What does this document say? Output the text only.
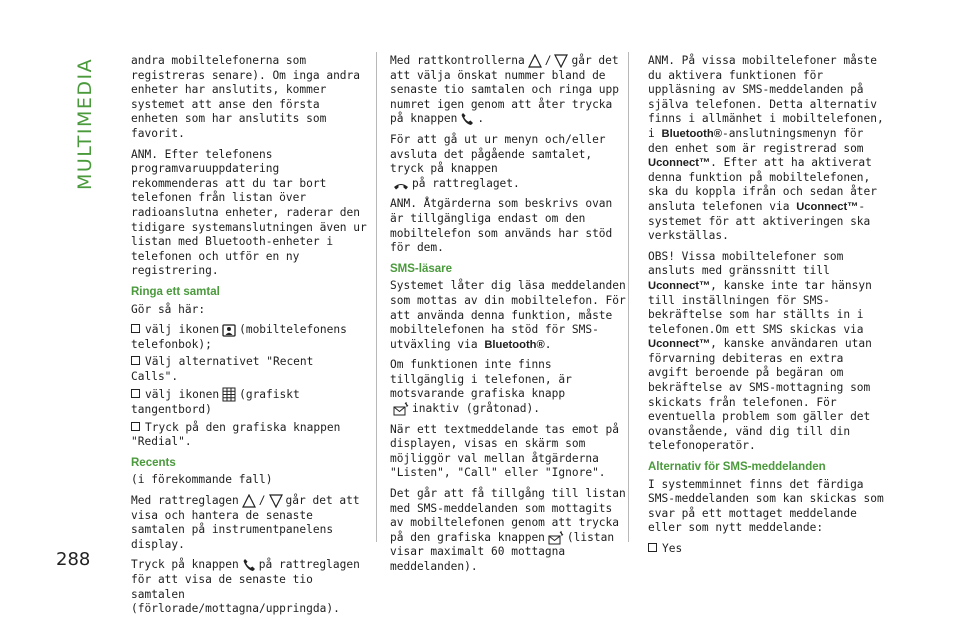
MULTIMEDIA
288

andra mobiltelefonerna som registreras senare). Om inga andra enheter har anslutits, kommer systemet att anse den första enheten som har anslutits som favorit.

ANM. Efter telefonens programvaruuppdatering rekommenderas att du tar bort telefonen från listan över radioanslutna enheter, raderar den tidigare systemanslutningen även ur listan med Bluetooth-enheter i telefonen och utför en ny registrering.

Ringa ett samtal

Gör så här:

välj ikonen (mobiltelefonens telefonbok);
Välj alternativet "Recent Calls".
välj ikonen (grafiskt tangentbord)
Tryck på den grafiska knappen "Redial".
Recents

(i förekommande fall)

Med rattreglagen / går det att visa och hantera de senaste samtalen på instrumentpanelens display.

Tryck på knappen på rattreglagen för att visa de senaste tio samtalen (förlorade/mottagna/uppringda).

Med rattkontrollerna / går det att välja önskat nummer bland de senaste tio samtalen och ringa upp numret igen genom att åter trycka på knappen .

För att gå ut ur menyn och/eller avsluta det pågående samtalet, tryck på knappen

på rattreglaget.

ANM. Åtgärderna som beskrivs ovan är tillgängliga endast om den mobiltelefon som används har stöd för dem.

SMS-läsare

Systemet låter dig läsa meddelanden som mottas av din mobiltelefon. För att använda denna funktion, måste mobiltelefonen ha stöd för SMS-utväxling via Bluetooth®.

Om funktionen inte finns tillgänglig i telefonen, är motsvarande grafiska knapp

inaktiv (gråtonad).

När ett textmeddelande tas emot på displayen, visas en skärm som möjliggör val mellan åtgärderna "Listen", "Call" eller "Ignore".

Det går att få tillgång till listan med SMS-meddelanden som mottagits av mobiltelefonen genom att trycka på den grafiska knappen (listan visar maximalt 60 mottagna meddelanden).

ANM. På vissa mobiltelefoner måste du aktivera funktionen för uppläsning av SMS-meddelanden på själva telefonen. Detta alternativ finns i allmänhet i mobiltelefonen, i Bluetooth®-anslutningsmenyn för den enhet som är registrerad som Uconnect™. Efter att ha aktiverat denna funktion på mobiltelefonen, ska du koppla ifrån och sedan åter ansluta telefonen via Uconnect™-systemet för att aktiveringen ska verkställas.

OBS! Vissa mobiltelefoner som ansluts med gränssnitt till Uconnect™, kanske inte tar hänsyn till inställningen för SMS-bekräftelse som har ställts in i telefonen.Om ett SMS skickas via Uconnect™, kanske användaren utan förvarning debiteras en extra avgift beroende på begäran om bekräftelse av SMS-mottagning som skickats från telefonen. För eventuella problem som gäller det ovanstående, vänd dig till din telefonoperatör.

Alternativ för SMS-meddelanden

I systemminnet finns det färdiga SMS-meddelanden som kan skickas som svar på ett mottaget meddelande eller som nytt meddelande:

Yes
